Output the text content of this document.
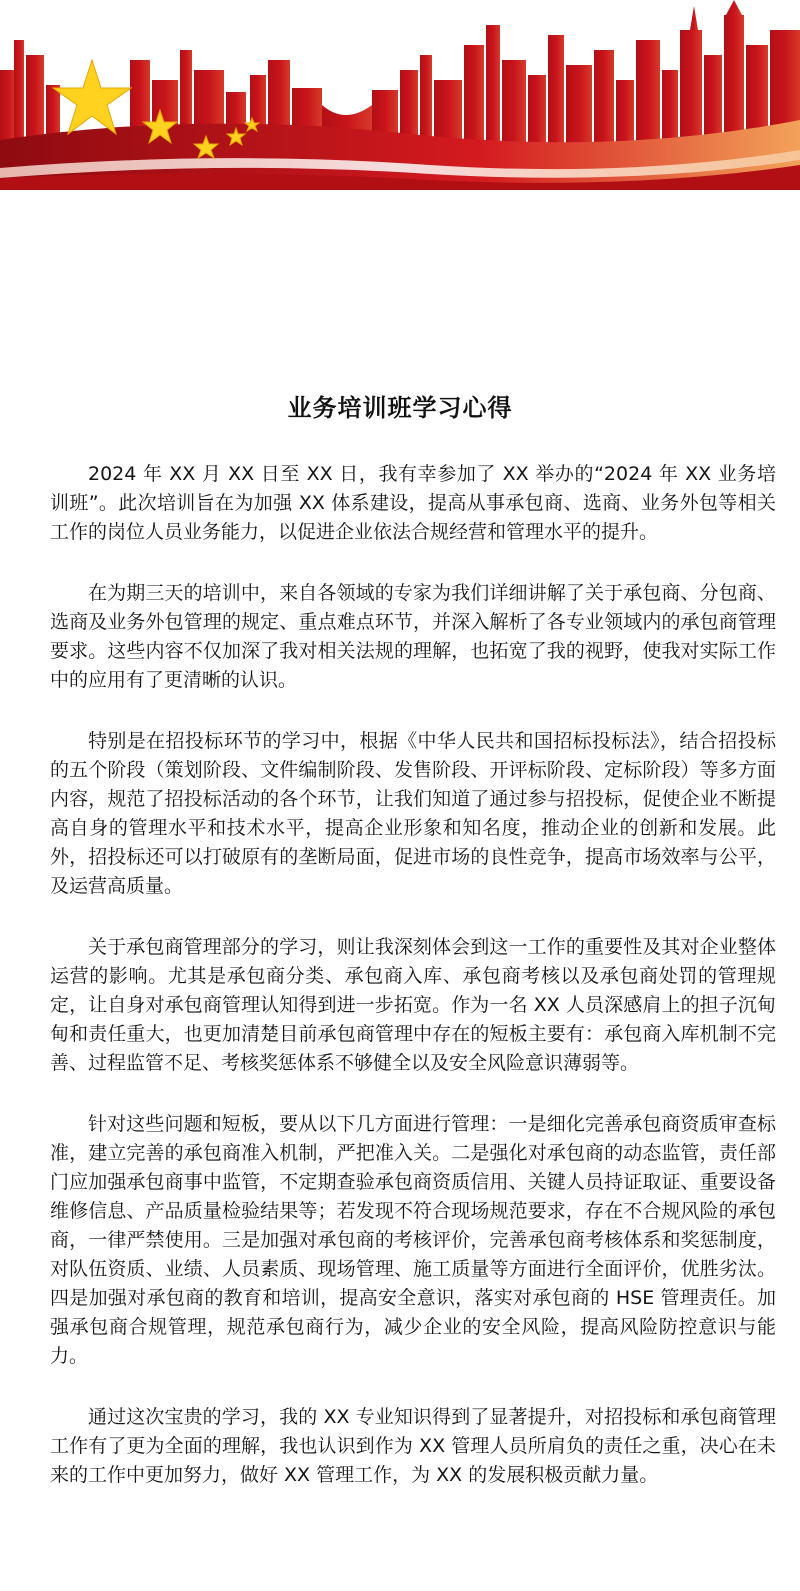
业务培训班学习心得

2024 年 XX 月 XX 日至 XX 日，我有幸参加了 XX 举办的“2024 年 XX 业务培训班”。此次培训旨在为加强 XX 体系建设，提高从事承包商、选商、业务外包等相关工作的岗位人员业务能力，以促进企业依法合规经营和管理水平的提升。

在为期三天的培训中，来自各领域的专家为我们详细讲解了关于承包商、分包商、选商及业务外包管理的规定、重点难点环节，并深入解析了各专业领域内的承包商管理要求。这些内容不仅加深了我对相关法规的理解，也拓宽了我的视野，使我对实际工作中的应用有了更清晰的认识。

特别是在招投标环节的学习中，根据《中华人民共和国招标投标法》，结合招投标的五个阶段（策划阶段、文件编制阶段、发售阶段、开评标阶段、定标阶段）等多方面内容，规范了招投标活动的各个环节，让我们知道了通过参与招投标，促使企业不断提高自身的管理水平和技术水平，提高企业形象和知名度，推动企业的创新和发展。此外，招投标还可以打破原有的垄断局面，促进市场的良性竞争，提高市场效率与公平，及运营高质量。

关于承包商管理部分的学习，则让我深刻体会到这一工作的重要性及其对企业整体运营的影响。尤其是承包商分类、承包商入库、承包商考核以及承包商处罚的管理规定，让自身对承包商管理认知得到进一步拓宽。作为一名 XX 人员深感肩上的担子沉甸甸和责任重大，也更加清楚目前承包商管理中存在的短板主要有：承包商入库机制不完善、过程监管不足、考核奖惩体系不够健全以及安全风险意识薄弱等。

针对这些问题和短板，要从以下几方面进行管理：一是细化完善承包商资质审查标准，建立完善的承包商准入机制，严把准入关。二是强化对承包商的动态监管，责任部门应加强承包商事中监管，不定期查验承包商资质信用、关键人员持证取证、重要设备维修信息、产品质量检验结果等；若发现不符合现场规范要求，存在不合规风险的承包商，一律严禁使用。三是加强对承包商的考核评价，完善承包商考核体系和奖惩制度，对队伍资质、业绩、人员素质、现场管理、施工质量等方面进行全面评价，优胜劣汰。四是加强对承包商的教育和培训，提高安全意识，落实对承包商的 HSE 管理责任。加强承包商合规管理，规范承包商行为，减少企业的安全风险，提高风险防控意识与能力。

通过这次宝贵的学习，我的 XX 专业知识得到了显著提升，对招投标和承包商管理工作有了更为全面的理解，我也认识到作为 XX 管理人员所肩负的责任之重，决心在未来的工作中更加努力，做好 XX 管理工作，为 XX 的发展积极贡献力量。
